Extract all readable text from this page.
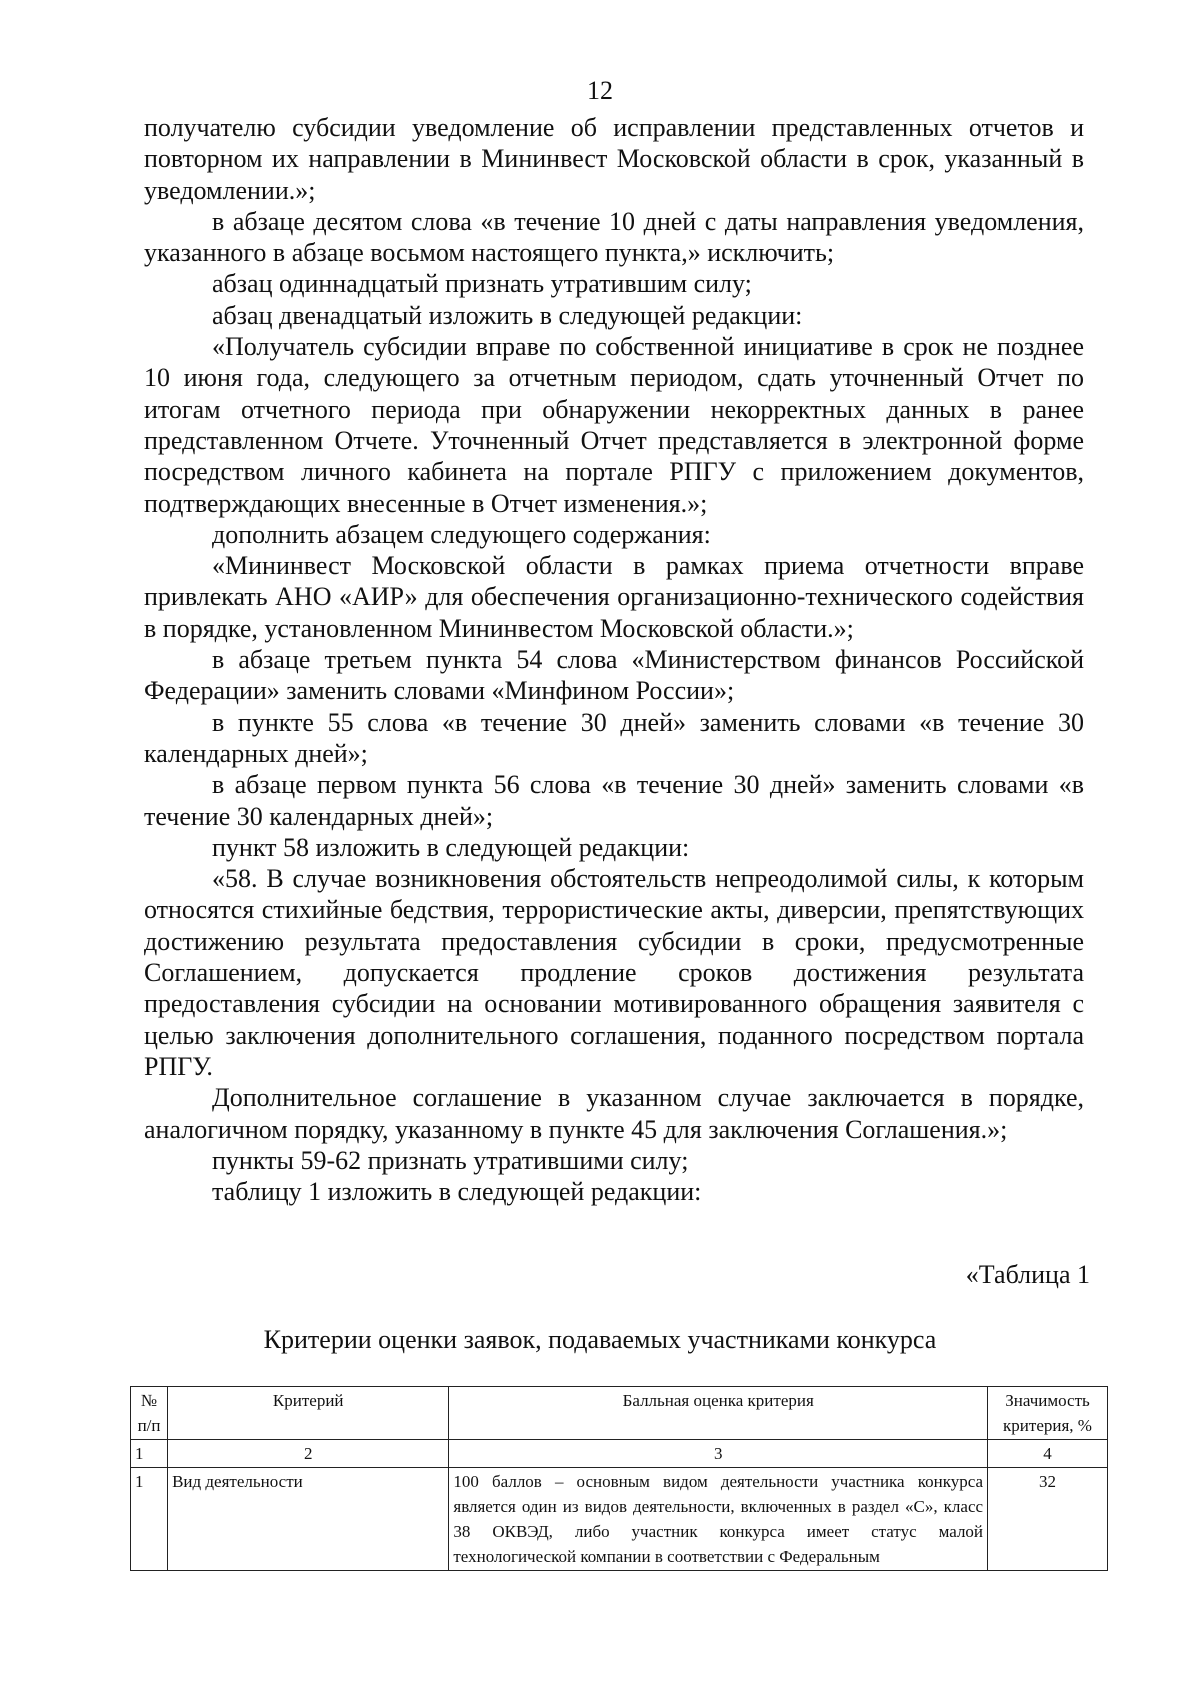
12

получателю субсидии уведомление об исправлении представленных отчетов и повторном их направлении в Мининвест Московской области в срок, указанный в уведомлении.»;

в абзаце десятом слова «в течение 10 дней с даты направления уведомления, указанного в абзаце восьмом настоящего пункта,» исключить;

абзац одиннадцатый признать утратившим силу;

абзац двенадцатый изложить в следующей редакции:

«Получатель субсидии вправе по собственной инициативе в срок не позднее 10 июня года, следующего за отчетным периодом, сдать уточненный Отчет по итогам отчетного периода при обнаружении некорректных данных в ранее представленном Отчете. Уточненный Отчет представляется в электронной форме посредством личного кабинета на портале РПГУ с приложением документов, подтверждающих внесенные в Отчет изменения.»;

дополнить абзацем следующего содержания:

«Мининвест Московской области в рамках приема отчетности вправе привлекать АНО «АИР» для обеспечения организационно-технического содействия в порядке, установленном Мининвестом Московской области.»;

в абзаце третьем пункта 54 слова «Министерством финансов Российской Федерации» заменить словами «Минфином России»;

в пункте 55 слова «в течение 30 дней» заменить словами «в течение 30 календарных дней»;

в абзаце первом пункта 56 слова «в течение 30 дней» заменить словами «в течение 30 календарных дней»;

пункт 58 изложить в следующей редакции:

«58. В случае возникновения обстоятельств непреодолимой силы, к которым относятся стихийные бедствия, террористические акты, диверсии, препятствующих достижению результата предоставления субсидии в сроки, предусмотренные Соглашением, допускается продление сроков достижения результата предоставления субсидии на основании мотивированного обращения заявителя с целью заключения дополнительного соглашения, поданного посредством портала РПГУ.

Дополнительное соглашение в указанном случае заключается в порядке, аналогичном порядку, указанному в пункте 45 для заключения Соглашения.»;

пункты 59-62 признать утратившими силу;

таблицу 1 изложить в следующей редакции:

«Таблица 1
Критерии оценки заявок, подаваемых участниками конкурса
№ п/п	Критерий	Балльная оценка критерия	Значимость критерия, %
1	2	3	4
1	Вид деятельности	100 баллов – основным видом деятельности участника конкурса является один из видов деятельности, включенных в раздел «С», класс 38 ОКВЭД, либо участник конкурса имеет статус малой технологической компании в соответствии с Федеральным	32
